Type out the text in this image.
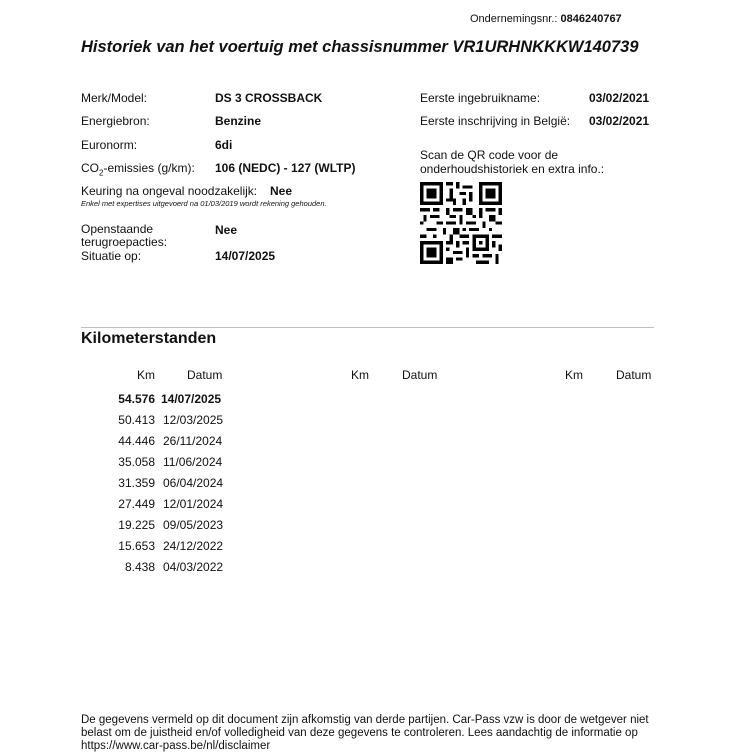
Ondernemingsnr.: 0846240767
Historiek van het voertuig met chassisnummer VR1URHNKKKW140739
Merk/Model:	DS 3 CROSSBACK
Energiebron:	Benzine
Euronorm:	6di
$CO_2$-emissies (g/km): 106 (NEDC) - 127 (WLTP)
Keuring na ongeval noodzakelijk: Nee
Enkel met expertises uitgevoerd na 01/03/2019 wordt rekening gehouden.
Openstaande terugroepacties:
Nee
Situatie op:	14/07/2025
Eerste ingebruikname:	03/02/2021
Eerste inschrijving in België: 03/02/2021
Scan de QR code voor de onderhoudshistoriek en extra info.:
Kilometerstanden
Km	Datum	Km	Datum	Km	Datum
54.576 14/07/2025
50.413 12/03/2025
44.446 26/11/2024
35.058 11/06/2024
31.359 06/04/2024
27.449 12/01/2024
19.225 09/05/2023
15.653 24/12/2022
8.438 04/03/2022
De gegevens vermeld op dit document zijn afkomstig van derde partijen. Car-Pass vzw is door de wetgever niet belast om de juistheid en/of volledigheid van deze gegevens te controleren. Lees aandachtig de informatie op https://www.car-pass.be/nl/disclaimer
